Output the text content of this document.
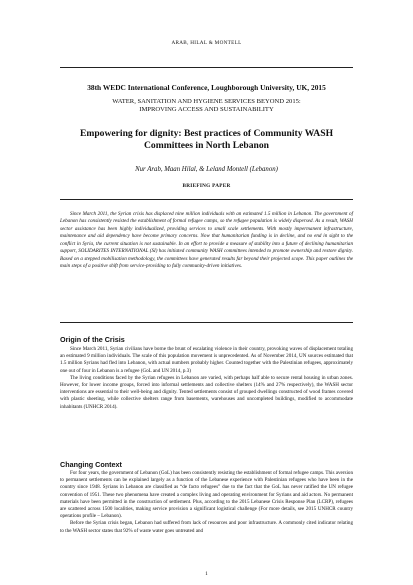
ARAB, HILAL & MONTELL
38th WEDC International Conference, Loughborough University, UK, 2015
WATER, SANITATION AND HYGIENE SERVICES BEYOND 2015:
IMPROVING ACCESS AND SUSTAINABILITY
Empowering for dignity: Best practices of Community WASH
Committees in North Lebanon
Nur Arab, Maan Hilal, & Leland Montell (Lebanon)
BRIEFING PAPER

Since March 2011, the Syrian crisis has displaced nine million individuals with an estimated 1.5 million in Lebanon. The government of Lebanon has consistently resisted the establishment of formal refugee camps, so the refugee population is widely dispersed. As a result, WASH sector assistance has been highly individualized, providing services to small scale settlements. With mostly impermanent infrastructure, maintenance and aid dependency have become primary concerns. Now that humanitarian funding is in decline, and no end in sight to the conflict in Syria, the current situation is not sustainable. In an effort to provide a measure of stability into a future of declining humanitarian support, SOLIDARITES INTERNATIONAL (SI) has initiated community WASH committees intended to promote ownership and restore dignity. Based on a stepped mobilisation methodology, the committees have generated results far beyond their projected scope. This paper outlines the main steps of a positive shift from service-providing to fully community-driven initiatives.

Origin of the Crisis

Since March 2011, Syrian civilians have borne the brunt of escalating violence in their country, provoking waves of displacement totaling an estimated 9 million individuals. The scale of this population movement is unprecedented. As of November 2014, UN sources estimated that 1.5 million Syrians had fled into Lebanon, with actual numbers probably higher. Counted together with the Palestinian refugees, approximately one out of four in Lebanon is a refugee (GoL and UN 2014, p.3)

The living conditions faced by the Syrian refugees in Lebanon are varied, with perhaps half able to secure rental housing in urban zones. However, for lower income groups, forced into informal settlements and collective shelters (14% and 27% respectively), the WASH sector interventions are essential to their well-being and dignity. Tented settlements consist of grouped dwellings constructed of wood frames covered with plastic sheeting, while collective shelters range from basements, warehouses and uncompleted buildings, modified to accommodate inhabitants (UNHCR 2014).

Changing Context

For four years, the government of Lebanon (GoL) has been consistently resisting the establishment of formal refugee camps. This aversion to permanent settlements can be explained largely as a function of the Lebanese experience with Palestinian refugees who have been in the country since 1948. Syrians in Lebanon are classified as “de facto refugees” due to the fact that the GoL has never ratified the UN refugee convention of 1951. These two phenomena have created a complex living and operating environment for Syrians and aid actors. No permanent materials have been permitted in the construction of settlement. Plus, according to the 2015 Lebanese Crisis Response Plan (LCRP), refugees are scattered across 1500 localities, making service provision a significant logistical challenge (For more details, see 2015 UNHCR country operations profile – Lebanon).

Before the Syrian crisis began, Lebanon had suffered from lack of resources and poor infrastructure. A commonly cited indicator relating to the WASH sector states that 92% of waste water goes untreated and

1
